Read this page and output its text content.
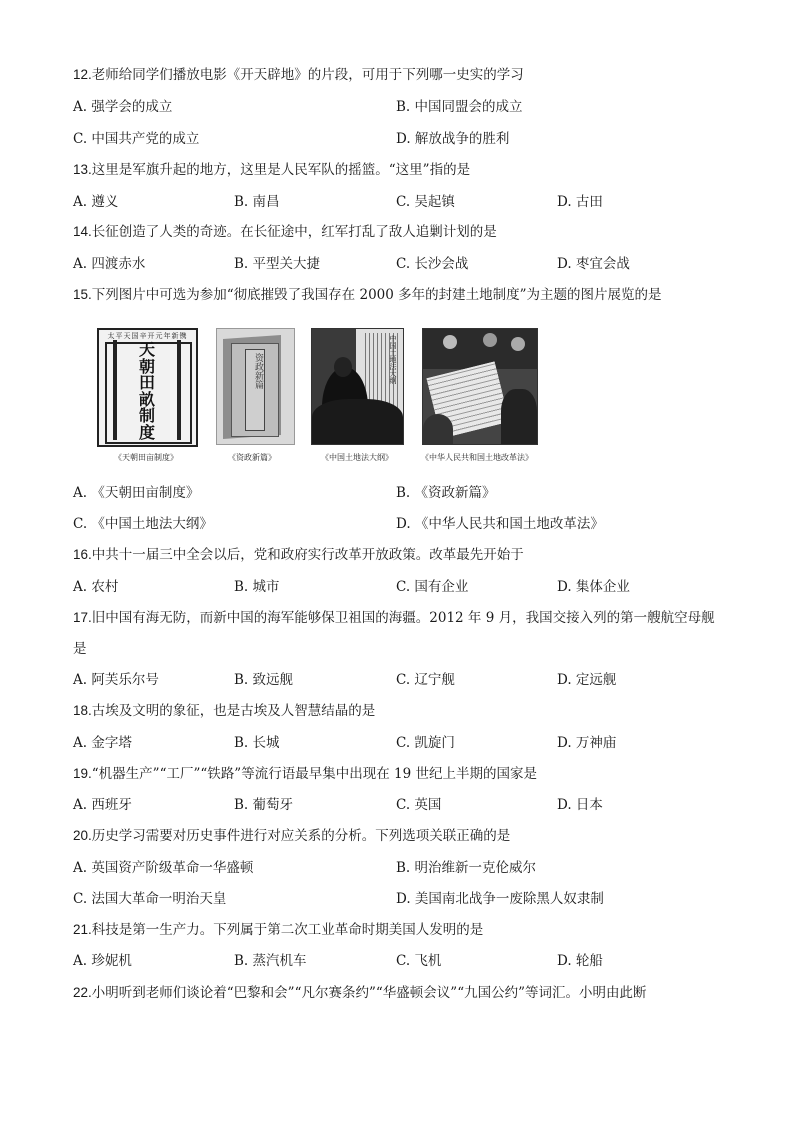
12.老师给同学们播放电影《开天辟地》的片段，可用于下列哪一史实的学习
A. 强学会的成立	B. 中国同盟会的成立
C. 中国共产党的成立	D. 解放战争的胜利
13.这里是军旗升起的地方，这里是人民军队的摇篮。“这里”指的是
A. 遵义	B. 南昌	C. 吴起镇	D. 古田
14.长征创造了人类的奇迹。在长征途中，红军打乱了敌人追剿计划的是
A. 四渡赤水	B. 平型关大捷	C. 长沙会战	D. 枣宜会战
15.下列图片中可选为参加“彻底摧毁了我国存在 2000 多年的封建土地制度”为主题的图片展览的是
太平天国辛开元年新镌
天
朝
田
畝
制
度
资政新篇	中国土地法大纲
《天朝田亩制度》	《资政新篇》	《中国土地法大纲》	《中华人民共和国土地改革法》
A. 《天朝田亩制度》	B. 《资政新篇》
C. 《中国土地法大纲》	D. 《中华人民共和国土地改革法》
16.中共十一届三中全会以后，党和政府实行改革开放政策。改革最先开始于
A. 农村	B. 城市	C. 国有企业	D. 集体企业
17.旧中国有海无防，而新中国的海军能够保卫祖国的海疆。2012 年 9 月，我国交接入列的第一艘航空母舰
是
A. 阿芙乐尔号	B. 致远舰	C. 辽宁舰	D. 定远舰
18.古埃及文明的象征，也是古埃及人智慧结晶的是
A. 金字塔	B. 长城	C. 凯旋门	D. 万神庙
19.“机器生产”“工厂”“铁路”等流行语最早集中出现在 19 世纪上半期的国家是
A. 西班牙	B. 葡萄牙	C. 英国	D. 日本
20.历史学习需要对历史事件进行对应关系的分析。下列选项关联正确的是
A. 英国资产阶级革命一华盛顿	B. 明治维新一克伦威尔
C. 法国大革命一明治天皇	D. 美国南北战争一废除黑人奴隶制
21.科技是第一生产力。下列属于第二次工业革命时期美国人发明的是
A. 珍妮机	B. 蒸汽机车	C. 飞机	D. 轮船
22.小明听到老师们谈论着“巴黎和会”“凡尔赛条约”“华盛顿会议”“九国公约”等词汇。小明由此断
